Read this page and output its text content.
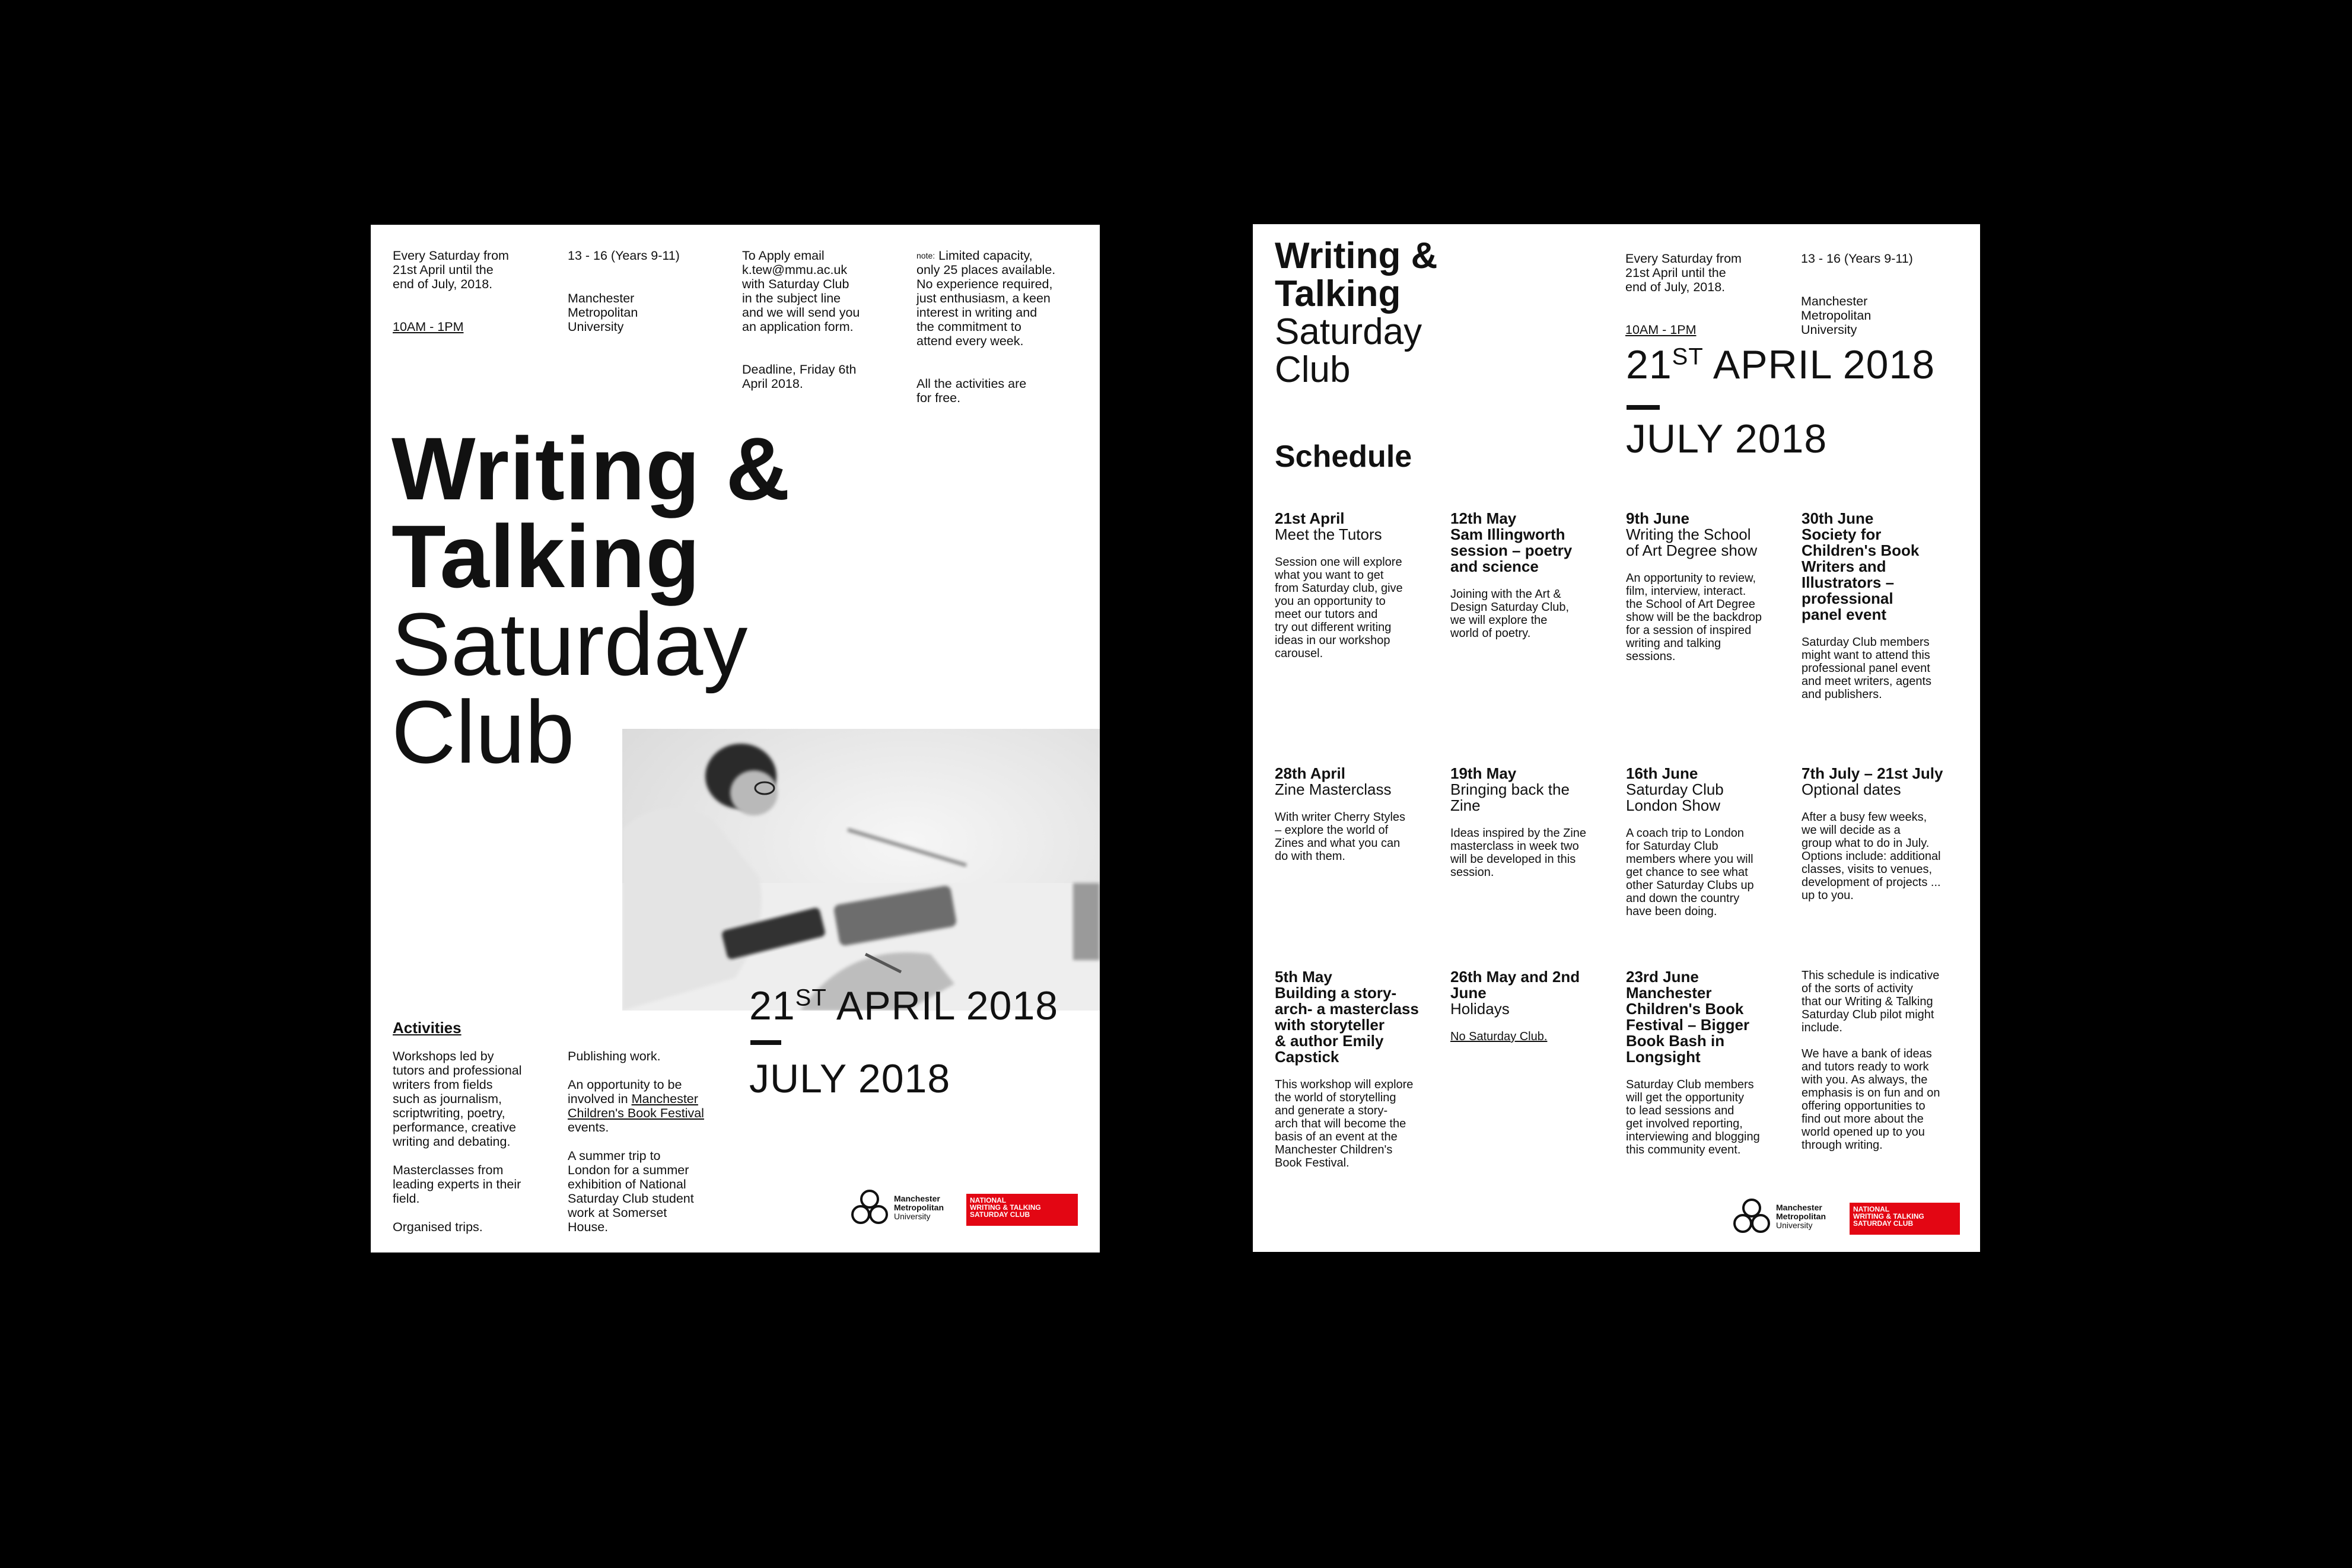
Every Saturday from
21st April until the
end of July, 2018.

10AM - 1PM

13 - 16 (Years 9-11)

Manchester
Metropolitan
University

To Apply email
k.tew@mmu.ac.uk
with Saturday Club
in the subject line
and we will send you
an application form.

Deadline, Friday 6th
April 2018.

$^{note:}$ Limited capacity,
only 25 places available.
No experience required,
just enthusiasm, a keen
interest in writing and
the commitment to
attend every week.

All the activities are
for free.

Writing &
Talking
Saturday
Club
21ST APRIL 2018
JULY 2018
Activities
Workshops led by
tutors and professional
writers from fields
such as journalism,
scriptwriting, poetry,
performance, creative
writing and debating.

Masterclasses from
leading experts in their
field.

Organised trips.
Publishing work.

An opportunity to be
involved in Manchester
Children's Book Festival
events.

A summer trip to
London for a summer
exhibition of National
Saturday Club student
work at Somerset
House.
Manchester
Metropolitan
University
NATIONAL
WRITING & TALKING
SATURDAY CLUB
Writing &
Talking
Saturday
Club

Every Saturday from
21st April until the
end of July, 2018.

10AM - 1PM

13 - 16 (Years 9-11)

Manchester
Metropolitan
University

21ST APRIL 2018
JULY 2018
Schedule
21st April
Meet the Tutors
Session one will explore
what you want to get
from Saturday club, give
you an opportunity to
meet our tutors and
try out different writing
ideas in our workshop
carousel.
12th May
Sam Illingworth
session – poetry
and science
Joining with the Art &
Design Saturday Club,
we will explore the
world of poetry.
9th June
Writing the School
of Art Degree show
An opportunity to review,
film, interview, interact.
the School of Art Degree
show will be the backdrop
for a session of inspired
writing and talking
sessions.
30th June
Society for
Children's Book
Writers and
Illustrators –
professional
panel event
Saturday Club members
might want to attend this
professional panel event
and meet writers, agents
and publishers.
28th April
Zine Masterclass
With writer Cherry Styles
– explore the world of
Zines and what you can
do with them.
19th May
Bringing back the
Zine
Ideas inspired by the Zine
masterclass in week two
will be developed in this
session.
16th June
Saturday Club
London Show
A coach trip to London
for Saturday Club
members where you will
get chance to see what
other Saturday Clubs up
and down the country
have been doing.
7th July – 21st July
Optional dates
After a busy few weeks,
we will decide as a
group what to do in July.
Options include: additional
classes, visits to venues,
development of projects ...
up to you.
5th May
Building a story-
arch- a masterclass
with storyteller
& author Emily
Capstick
This workshop will explore
the world of storytelling
and generate a story-
arch that will become the
basis of an event at the
Manchester Children's
Book Festival.
26th May and 2nd
June
Holidays
No Saturday Club.
23rd June
Manchester
Children's Book
Festival – Bigger
Book Bash in
Longsight
Saturday Club members
will get the opportunity
to lead sessions and
get involved reporting,
interviewing and blogging
this community event.
This schedule is indicative
of the sorts of activity
that our Writing & Talking
Saturday Club pilot might
include.

We have a bank of ideas
and tutors ready to work
with you. As always, the
emphasis is on fun and on
offering opportunities to
find out more about the
world opened up to you
through writing.
Manchester
Metropolitan
University
NATIONAL
WRITING & TALKING
SATURDAY CLUB
